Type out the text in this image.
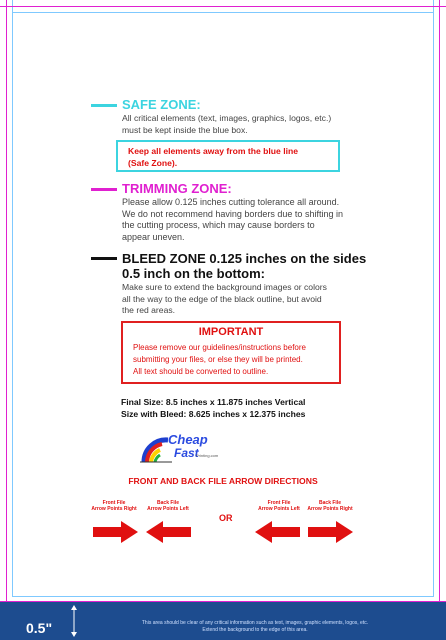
SAFE ZONE:
All critical elements (text, images, graphics, logos, etc.)
must be kept inside the blue box.
Keep all elements away from the blue line
(Safe Zone).
TRIMMING ZONE:
Please allow 0.125 inches cutting tolerance all around.
We do not recommend having borders due to shifting in
the cutting process, which may cause borders to
appear uneven.
BLEED ZONE 0.125 inches on the sides
0.5 inch on the bottom:
Make sure to extend the background images or colors
all the way to the edge of the black outline, but avoid
the red areas.
IMPORTANT
Please remove our guidelines/instructions before
submitting your files, or else they will be printed.
All text should be converted to outline.
Final Size: 8.5 inches x 11.875 inches Vertical
Size with Bleed: 8.625 inches x 12.375 inches
Cheap
Fast
Printing.com
FRONT AND BACK FILE ARROW DIRECTIONS
Front File
Arrow Points Right
Back File
Arrow Points Left
Front File
Arrow Points Left
Back File
Arrow Points Right
OR
0.5"	This area should be clear of any critical information such as text, images, graphic elements, logos, etc.
Extend the background to the edge of this area.
